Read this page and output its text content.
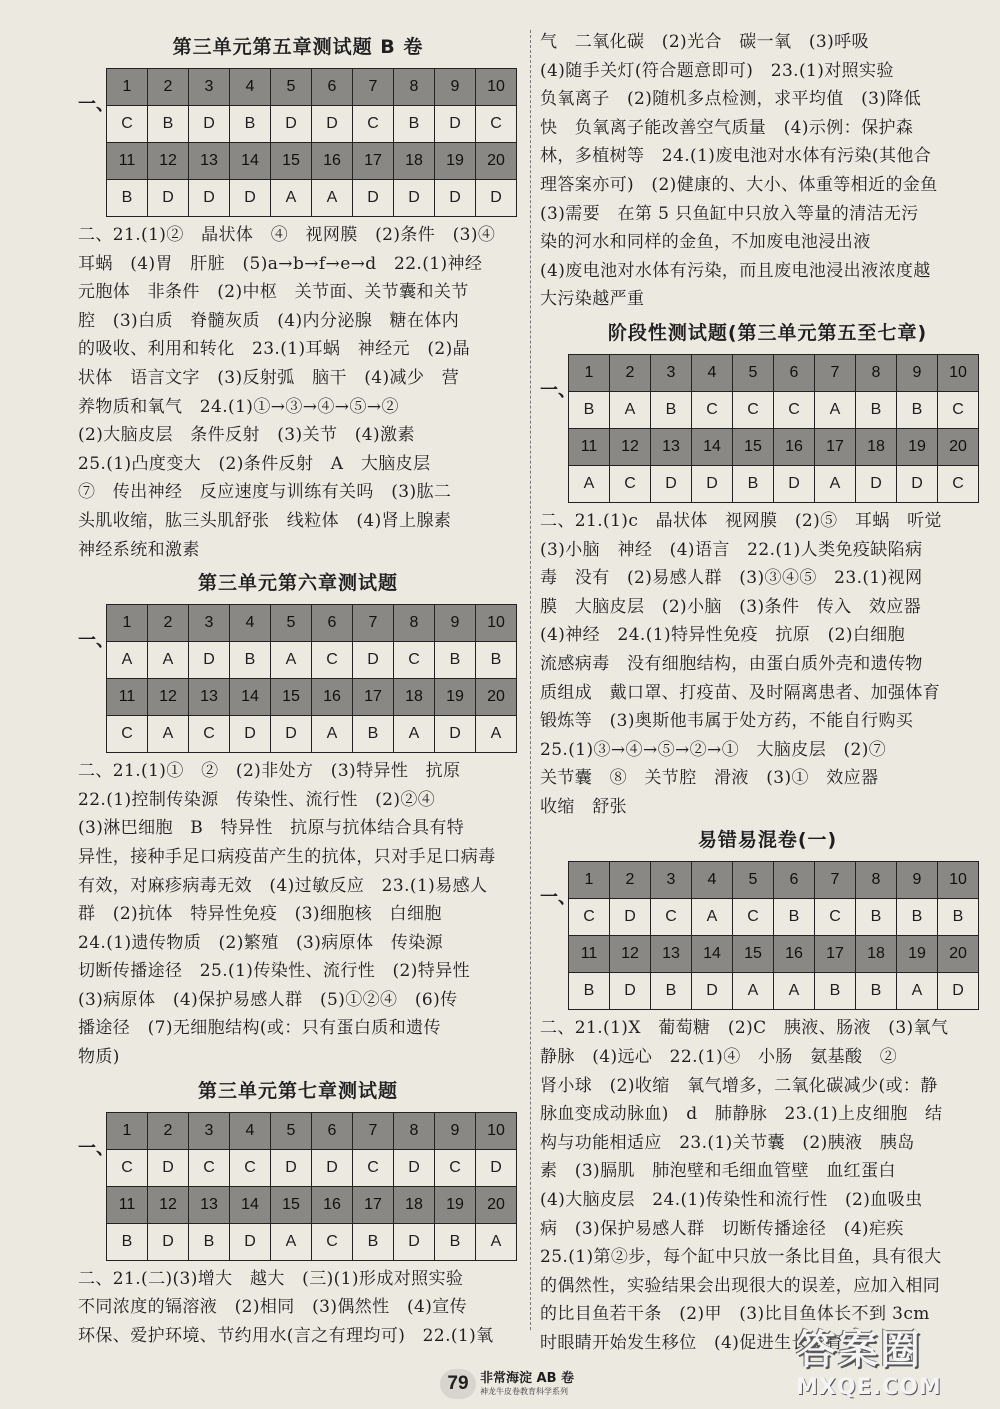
第三单元第五章测试题 B 卷
一、
1	2	3	4	5	6	7	8	9	10
C	B	D	B	D	D	C	B	D	C
11	12	13	14	15	16	17	18	19	20
B	D	D	D	A	A	D	D	D	D

二、21.(1)②　晶状体　④　视网膜　(2)条件　(3)④

耳蜗　(4)胃　肝脏　(5)a→b→f→e→d　22.(1)神经

元胞体　非条件　(2)中枢　关节面、关节囊和关节

腔　(3)白质　脊髓灰质　(4)内分泌腺　糖在体内

的吸收、利用和转化　23.(1)耳蜗　神经元　(2)晶

状体　语言文字　(3)反射弧　脑干　(4)减少　营

养物质和氧气　24.(1)①→③→④→⑤→②

(2)大脑皮层　条件反射　(3)关节　(4)激素

25.(1)凸度变大　(2)条件反射　A　大脑皮层

⑦　传出神经　反应速度与训练有关吗　(3)肱二

头肌收缩，肱三头肌舒张　线粒体　(4)肾上腺素

神经系统和激素

第三单元第六章测试题
一、
1	2	3	4	5	6	7	8	9	10
A	A	D	B	A	C	D	C	B	B
11	12	13	14	15	16	17	18	19	20
C	A	C	D	D	A	B	A	D	A

二、21.(1)①　②　(2)非处方　(3)特异性　抗原

22.(1)控制传染源　传染性、流行性　(2)②④

(3)淋巴细胞　B　特异性　抗原与抗体结合具有特

异性，接种手足口病疫苗产生的抗体，只对手足口病毒

有效，对麻疹病毒无效　(4)过敏反应　23.(1)易感人

群　(2)抗体　特异性免疫　(3)细胞核　白细胞

24.(1)遗传物质　(2)繁殖　(3)病原体　传染源

切断传播途径　25.(1)传染性、流行性　(2)特异性

(3)病原体　(4)保护易感人群　(5)①②④　(6)传

播途径　(7)无细胞结构(或：只有蛋白质和遗传

物质)

第三单元第七章测试题
一、
1	2	3	4	5	6	7	8	9	10
C	D	C	C	D	D	C	D	C	D
11	12	13	14	15	16	17	18	19	20
B	D	B	D	A	C	B	D	B	A

二、21.(二)(3)增大　越大　(三)(1)形成对照实验

不同浓度的镉溶液　(2)相同　(3)偶然性　(4)宣传

环保、爱护环境、节约用水(言之有理均可)　22.(1)氧

气　二氧化碳　(2)光合　碳一氧　(3)呼吸

(4)随手关灯(符合题意即可)　23.(1)对照实验

负氧离子　(2)随机多点检测，求平均值　(3)降低

快　负氧离子能改善空气质量　(4)示例：保护森

林，多植树等　24.(1)废电池对水体有污染(其他合

理答案亦可)　(2)健康的、大小、体重等相近的金鱼

(3)需要　在第 5 只鱼缸中只放入等量的清洁无污

染的河水和同样的金鱼，不加废电池浸出液

(4)废电池对水体有污染，而且废电池浸出液浓度越

大污染越严重

阶段性测试题(第三单元第五至七章)
一、
1	2	3	4	5	6	7	8	9	10
B	A	B	C	C	C	A	B	B	C
11	12	13	14	15	16	17	18	19	20
A	C	D	D	B	D	A	D	D	C

二、21.(1)c　晶状体　视网膜　(2)⑤　耳蜗　听觉

(3)小脑　神经　(4)语言　22.(1)人类免疫缺陷病

毒　没有　(2)易感人群　(3)③④⑤　23.(1)视网

膜　大脑皮层　(2)小脑　(3)条件　传入　效应器

(4)神经　24.(1)特异性免疫　抗原　(2)白细胞

流感病毒　没有细胞结构，由蛋白质外壳和遗传物

质组成　戴口罩、打疫苗、及时隔离患者、加强体育

锻炼等　(3)奥斯他韦属于处方药，不能自行购买

25.(1)③→④→⑤→②→①　大脑皮层　(2)⑦

关节囊　⑧　关节腔　滑液　(3)①　效应器

收缩　舒张

易错易混卷(一)
一、
1	2	3	4	5	6	7	8	9	10
C	D	C	A	C	B	C	B	B	B
11	12	13	14	15	16	17	18	19	20
B	D	B	D	A	A	B	B	A	D

二、21.(1)X　葡萄糖　(2)C　胰液、肠液　(3)氧气

静脉　(4)远心　22.(1)④　小肠　氨基酸　②

肾小球　(2)收缩　氧气增多，二氧化碳减少(或：静

脉血变成动脉血)　d　肺静脉　23.(1)上皮细胞　结

构与功能相适应　23.(1)关节囊　(2)胰液　胰岛

素　(3)膈肌　肺泡壁和毛细血管壁　血红蛋白

(4)大脑皮层　24.(1)传染性和流行性　(2)血吸虫

病　(3)保护易感人群　切断传播途径　(4)疟疾

25.(1)第②步，每个缸中只放一条比目鱼，具有很大

的偶然性，实验结果会出现很大的误差，应加入相同

的比目鱼若干条　(2)甲　(3)比目鱼体长不到 3cm

时眼睛开始发生移位　(4)促进生长发育

79 非常海淀 AB 卷
神龙牛皮卷教育科学系列
答案圈
MXQE.COM
